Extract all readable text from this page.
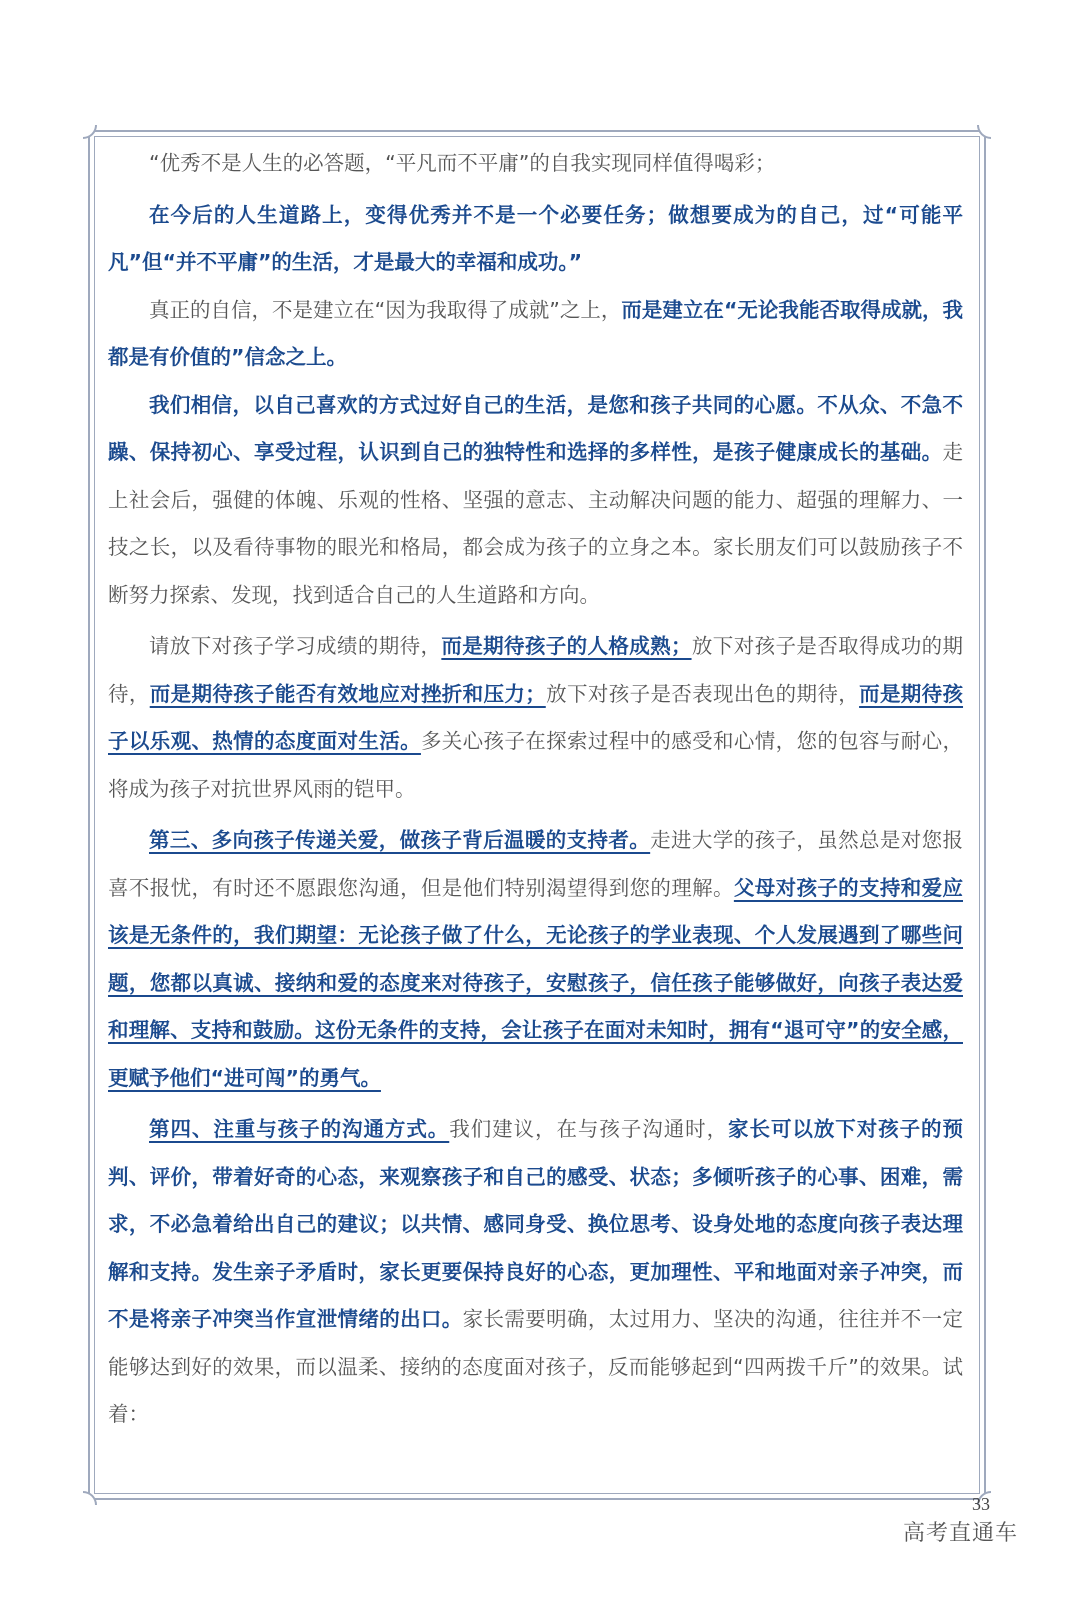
“优秀不是人生的必答题，“平凡而不平庸”的自我实现同样值得喝彩；

在今后的人生道路上，变得优秀并不是一个必要任务；做想要成为的自己，过“可能平凡”但“并不平庸”的生活，才是最大的幸福和成功。”

真正的自信，不是建立在“因为我取得了成就”之上，而是建立在“无论我能否取得成就，我都是有价值的”信念之上。

我们相信，以自己喜欢的方式过好自己的生活，是您和孩子共同的心愿。不从众、不急不躁、保持初心、享受过程，认识到自己的独特性和选择的多样性，是孩子健康成长的基础。走上社会后，强健的体魄、乐观的性格、坚强的意志、主动解决问题的能力、超强的理解力、一技之长，以及看待事物的眼光和格局，都会成为孩子的立身之本。家长朋友们可以鼓励孩子不断努力探索、发现，找到适合自己的人生道路和方向。

请放下对孩子学习成绩的期待，而是期待孩子的人格成熟；放下对孩子是否取得成功的期待，而是期待孩子能否有效地应对挫折和压力；放下对孩子是否表现出色的期待，而是期待孩子以乐观、热情的态度面对生活。多关心孩子在探索过程中的感受和心情，您的包容与耐心，将成为孩子对抗世界风雨的铠甲。

第三、多向孩子传递关爱，做孩子背后温暖的支持者。走进大学的孩子，虽然总是对您报喜不报忧，有时还不愿跟您沟通，但是他们特别渴望得到您的理解。父母对孩子的支持和爱应该是无条件的，我们期望：无论孩子做了什么，无论孩子的学业表现、个人发展遇到了哪些问题，您都以真诚、接纳和爱的态度来对待孩子，安慰孩子，信任孩子能够做好，向孩子表达爱和理解、支持和鼓励。这份无条件的支持，会让孩子在面对未知时，拥有“退可守”的安全感，更赋予他们“进可闯”的勇气。

第四、注重与孩子的沟通方式。我们建议，在与孩子沟通时，家长可以放下对孩子的预判、评价，带着好奇的心态，来观察孩子和自己的感受、状态；多倾听孩子的心事、困难，需求，不必急着给出自己的建议；以共情、感同身受、换位思考、设身处地的态度向孩子表达理解和支持。发生亲子矛盾时，家长更要保持良好的心态，更加理性、平和地面对亲子冲突，而不是将亲子冲突当作宣泄情绪的出口。家长需要明确，太过用力、坚决的沟通，往往并不一定能够达到好的效果，而以温柔、接纳的态度面对孩子，反而能够起到“四两拨千斤”的效果。试着：

33
高考直通车
